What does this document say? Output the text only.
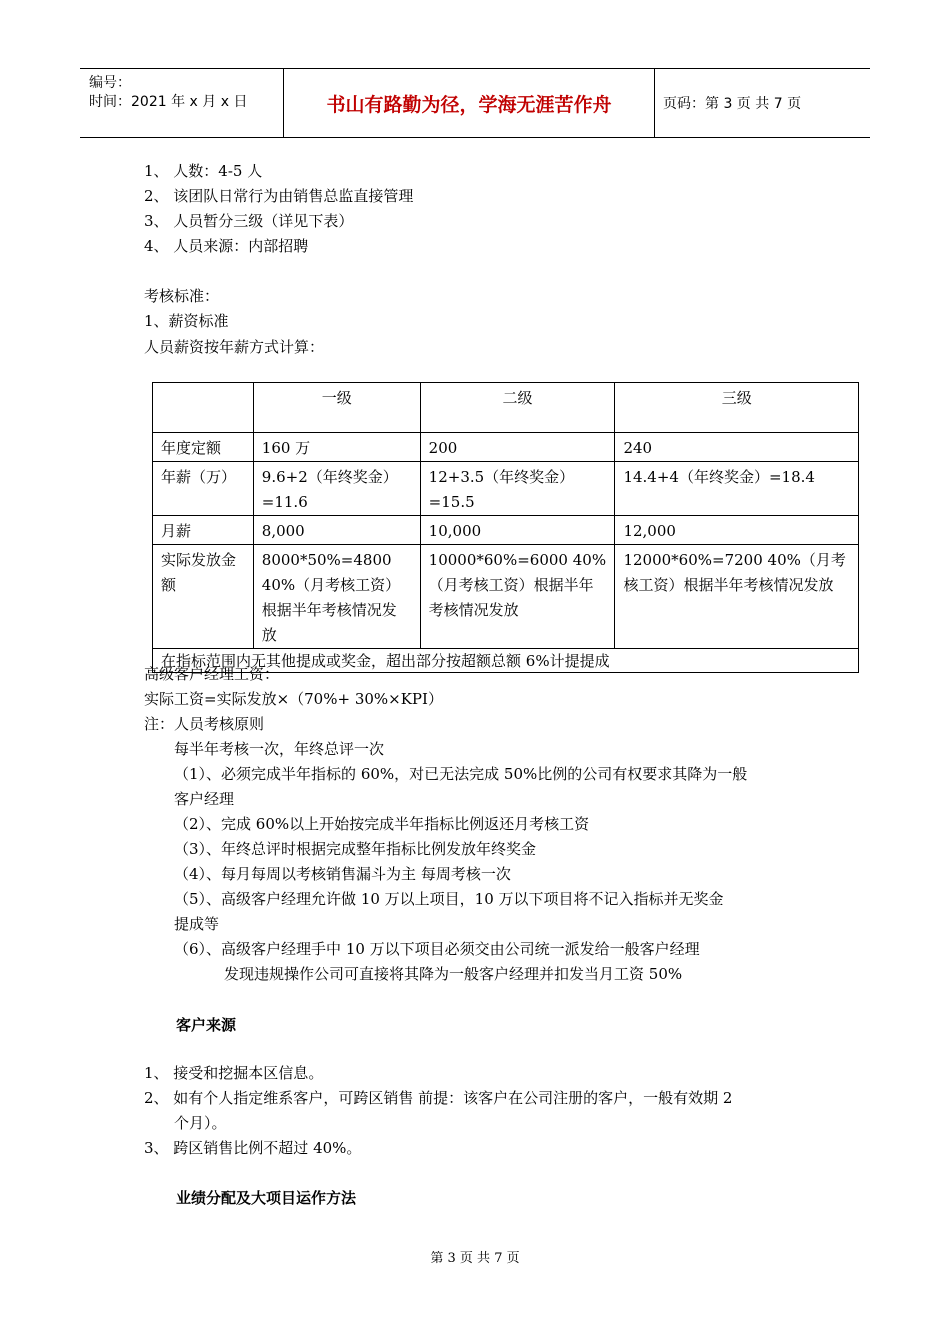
编号：
时间：2021 年 x 月 x 日	书山有路勤为径，学海无涯苦作舟	页码：第 3 页 共 7 页
1、 人数：4-5 人
2、 该团队日常行为由销售总监直接管理
3、 人员暂分三级（详见下表）
4、 人员来源：内部招聘
考核标准：
1、薪资标准
人员薪资按年薪方式计算：
	一级	二级	三级
年度定额	160 万	200	240
年薪（万）	9.6+2（年终奖金）=11.6	12+3.5（年终奖金）=15.5	14.4+4（年终奖金）=18.4
月薪	8,000	10,000	12,000
实际发放金额	8000*50%=4800 40%（月考核工资）根据半年考核情况发放	10000*60%=6000 40%（月考核工资）根据半年考核情况发放	12000*60%=7200 40%（月考核工资）根据半年考核情况发放
在指标范围内无其他提成或奖金，超出部分按超额总额 6%计提提成			
高级客户经理工资：
实际工资=实际发放×（70%+ 30%×KPI）
注：人员考核原则
每半年考核一次，年终总评一次
（1）、必须完成半年指标的 60%，对已无法完成 50%比例的公司有权要求其降为一般
客户经理
（2）、完成 60%以上开始按完成半年指标比例返还月考核工资
（3）、年终总评时根据完成整年指标比例发放年终奖金
（4）、每月每周以考核销售漏斗为主 每周考核一次
（5）、高级客户经理允许做 10 万以上项目，10 万以下项目将不记入指标并无奖金
提成等
（6）、高级客户经理手中 10 万以下项目必须交由公司统一派发给一般客户经理
发现违规操作公司可直接将其降为一般客户经理并扣发当月工资 50%
客户来源
1、 接受和挖掘本区信息。
2、 如有个人指定维系客户，可跨区销售 前提：该客户在公司注册的客户，一般有效期 2
个月）。
3、 跨区销售比例不超过 40%。
业绩分配及大项目运作方法
第 3 页 共 7 页
